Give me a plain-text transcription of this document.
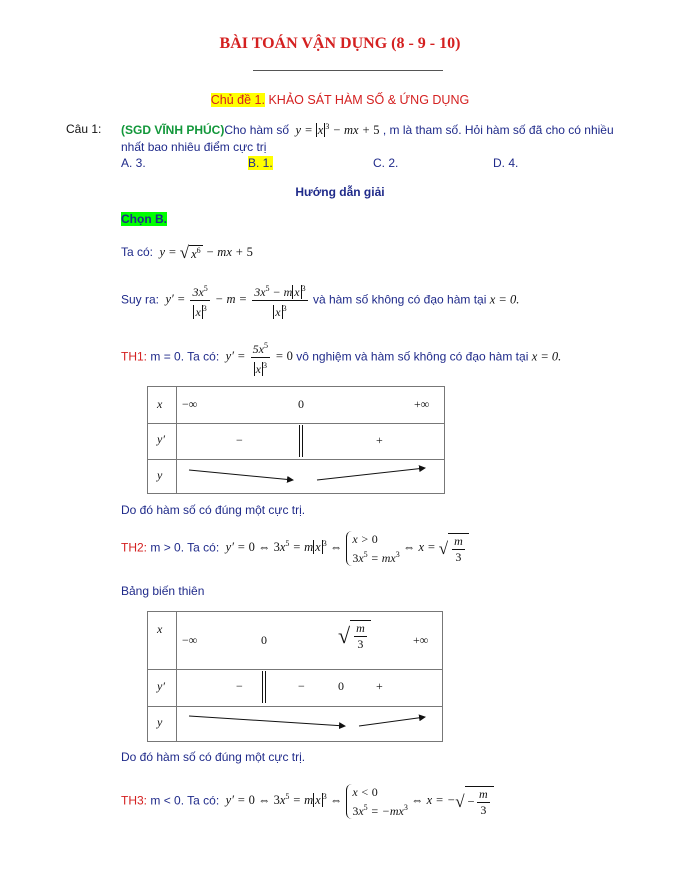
BÀI TOÁN VẬN DỤNG (8 - 9 - 10)
Chủ đề 1. KHẢO SÁT HÀM SỐ & ỨNG DỤNG
Câu 1: (SGD VĨNH PHÚC)Cho hàm số  y = x $^3$ − mx + 5 , m là tham số. Hỏi hàm số đã cho có nhiều
nhất bao nhiêu điểm cực trị
A. 3.	B. 1.	C. 2.	D. 4.
Hướng dẫn giải
Chọn B.
Ta có:  y = √ $x^6$ − mx + 5
Suy ra:  $y' = \frac{3x^5}{x ^3} - m = \frac{3x^5 - m x ^3}{x ^3}$ và hàm số không có đạo hàm tại x = 0.
TH1: m = 0. Ta có:  $y' = \frac{5x^5}{x ^3} = 0$ vô nghiệm và hàm số không có đạo hàm tại x = 0.
x −∞	0	+∞
y′	−	+
y
Do đó hàm số có đúng một cực trị.
TH2: m > 0. Ta có:  y′ = 0 ⇔ $3x^5 = m$ x $^3$ ⇔
x > 0
$3x^5 = mx^3$
⇔ x = √ $\frac{m}{3}$
Bảng biến thiên
x
−∞	0	√ $\frac{m}{3}$	+∞
y′	−	−	0	+
y
Do đó hàm số có đúng một cực trị.
TH3: m < 0. Ta có:  y′ = 0 ⇔ $3x^5 = m$ x $^3$ ⇔
x < 0
$3x^5 = -mx^3$
⇔ x = −√ − $\frac{m}{3}$
